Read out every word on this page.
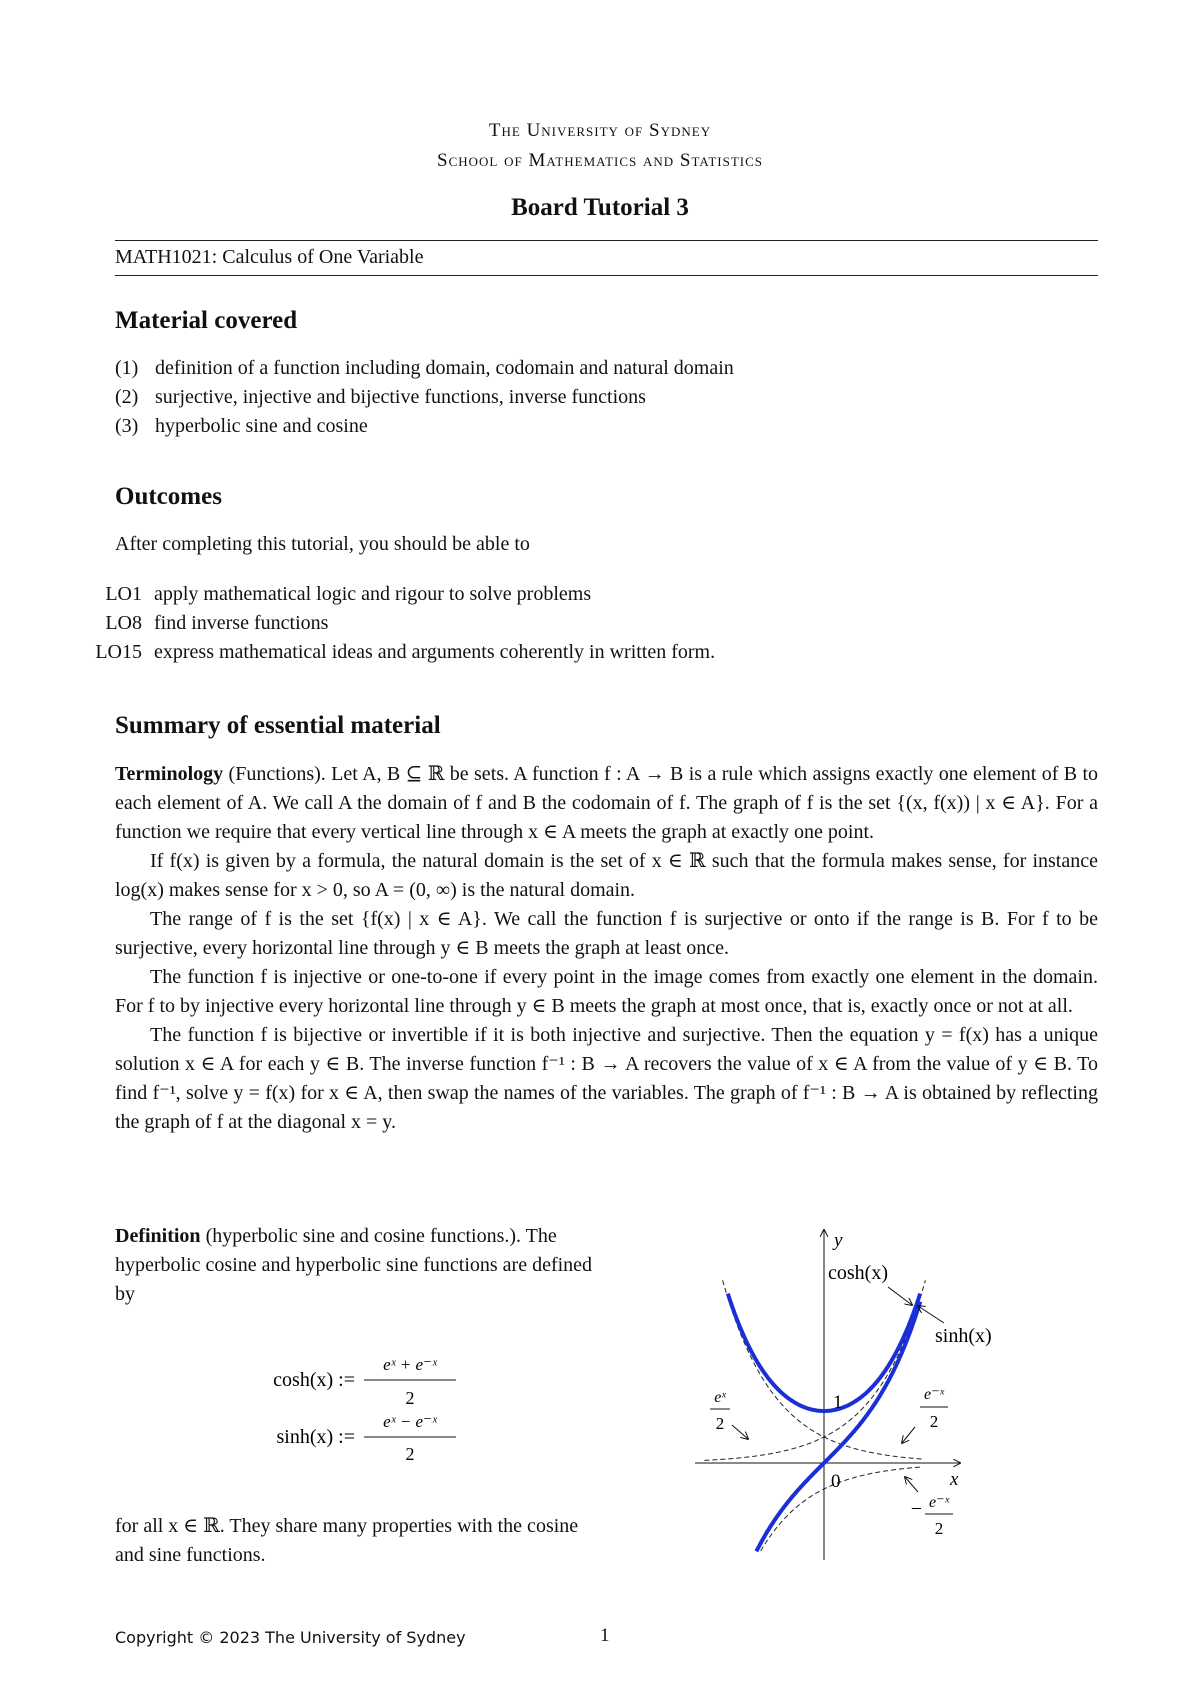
The University of Sydney
School of Mathematics and Statistics
Board Tutorial 3
MATH1021: Calculus of One Variable
Material covered
(1) definition of a function including domain, codomain and natural domain
(2) surjective, injective and bijective functions, inverse functions
(3) hyperbolic sine and cosine
Outcomes
After completing this tutorial, you should be able to
LO1 apply mathematical logic and rigour to solve problems
LO8 find inverse functions
LO15 express mathematical ideas and arguments coherently in written form.
Summary of essential material

Terminology (Functions). Let A, B ⊆ ℝ be sets. A function f : A → B is a rule which assigns exactly one element of B to each element of A. We call A the domain of f and B the codomain of f. The graph of f is the set {(x, f(x)) | x ∈ A}. For a function we require that every vertical line through x ∈ A meets the graph at exactly one point.

If f(x) is given by a formula, the natural domain is the set of x ∈ ℝ such that the formula makes sense, for instance log(x) makes sense for x > 0, so A = (0, ∞) is the natural domain.

The range of f is the set {f(x) | x ∈ A}. We call the function f is surjective or onto if the range is B. For f to be surjective, every horizontal line through y ∈ B meets the graph at least once.

The function f is injective or one-to-one if every point in the image comes from exactly one element in the domain. For f to by injective every horizontal line through y ∈ B meets the graph at most once, that is, exactly once or not at all.

The function f is bijective or invertible if it is both injective and surjective. Then the equation y = f(x) has a unique solution x ∈ A for each y ∈ B. The inverse function f⁻¹ : B → A recovers the value of x ∈ A from the value of y ∈ B. To find f⁻¹, solve y = f(x) for x ∈ A, then swap the names of the variables. The graph of f⁻¹ : B → A is obtained by reflecting the graph of f at the diagonal x = y.

Definition (hyperbolic sine and cosine functions.). The hyperbolic cosine and hyperbolic sine functions are defined by
cosh(x) :=
eˣ + e⁻ˣ
2
sinh(x) :=
eˣ − e⁻ˣ
2
for all x ∈ ℝ. They share many properties with the cosine and sine functions.
y
x
cosh(x)
sinh(x)
1
0
eˣ
2
e⁻ˣ
2
− e⁻ˣ
2
Copyright © 2023 The University of Sydney	1
